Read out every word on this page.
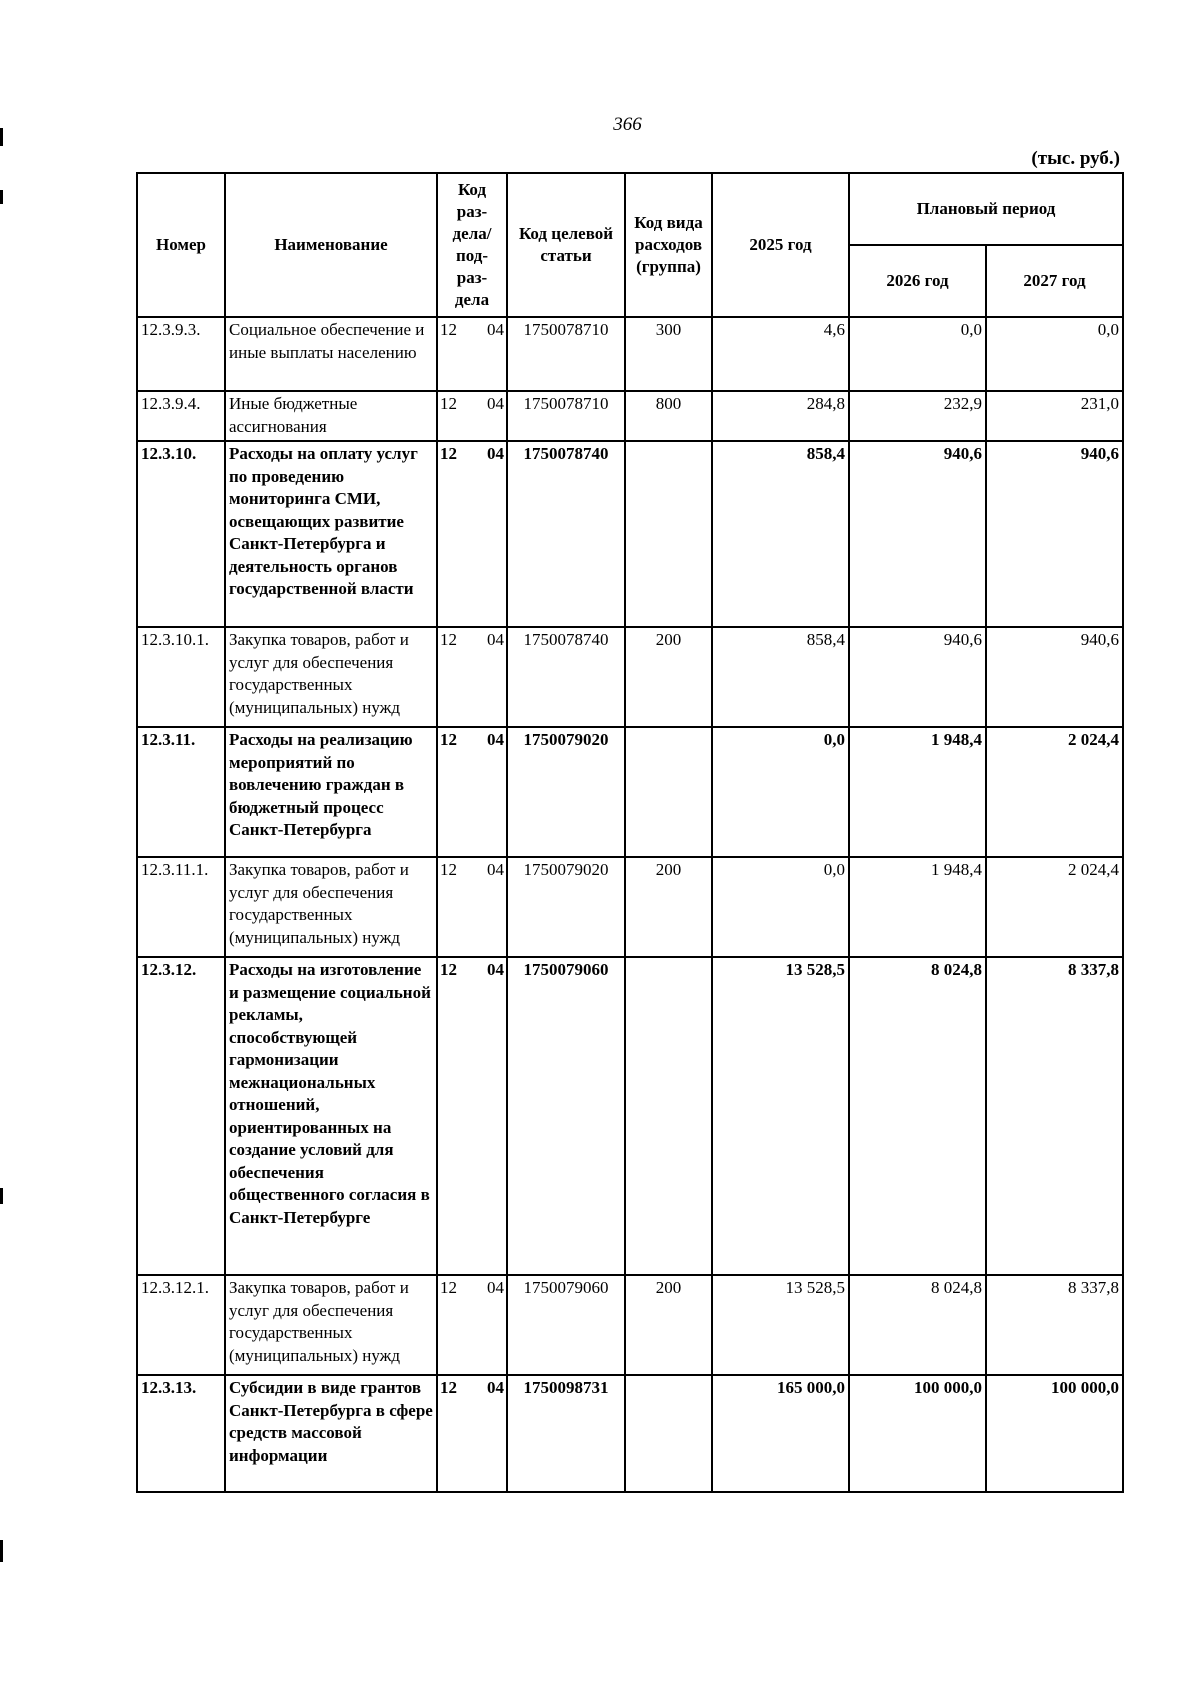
366
(тыс. руб.)
Номер	Наименование	Код раз-дела/ под-раз-дела	Код целевой статьи	Код вида расходов (группа)	2025 год	Плановый период	
						2026 год	2027 год
12.3.9.3.	Социальное обеспечение и иные выплаты населению	12 04	1750078710	300	4,6	0,0	0,0
12.3.9.4.	Иные бюджетные ассигнования	12 04	1750078710	800	284,8	232,9	231,0
12.3.10.	Расходы на оплату услуг по проведению мониторинга СМИ, освещающих развитие Санкт-Петербурга и деятельность органов государственной власти	12 04	1750078740		858,4	940,6	940,6
12.3.10.1.	Закупка товаров, работ и услуг для обеспечения государственных (муниципальных) нужд	12 04	1750078740	200	858,4	940,6	940,6
12.3.11.	Расходы на реализацию мероприятий по вовлечению граждан в бюджетный процесс Санкт-Петербурга	12 04	1750079020		0,0	1 948,4	2 024,4
12.3.11.1.	Закупка товаров, работ и услуг для обеспечения государственных (муниципальных) нужд	12 04	1750079020	200	0,0	1 948,4	2 024,4
12.3.12.	Расходы на изготовление и размещение социальной рекламы, способствующей гармонизации межнациональных отношений, ориентированных на создание условий для обеспечения общественного согласия в Санкт-Петербурге	12 04	1750079060		13 528,5	8 024,8	8 337,8
12.3.12.1.	Закупка товаров, работ и услуг для обеспечения государственных (муниципальных) нужд	12 04	1750079060	200	13 528,5	8 024,8	8 337,8
12.3.13.	Субсидии в виде грантов Санкт-Петербурга в сфере средств массовой информации	12 04	1750098731		165 000,0	100 000,0	100 000,0
